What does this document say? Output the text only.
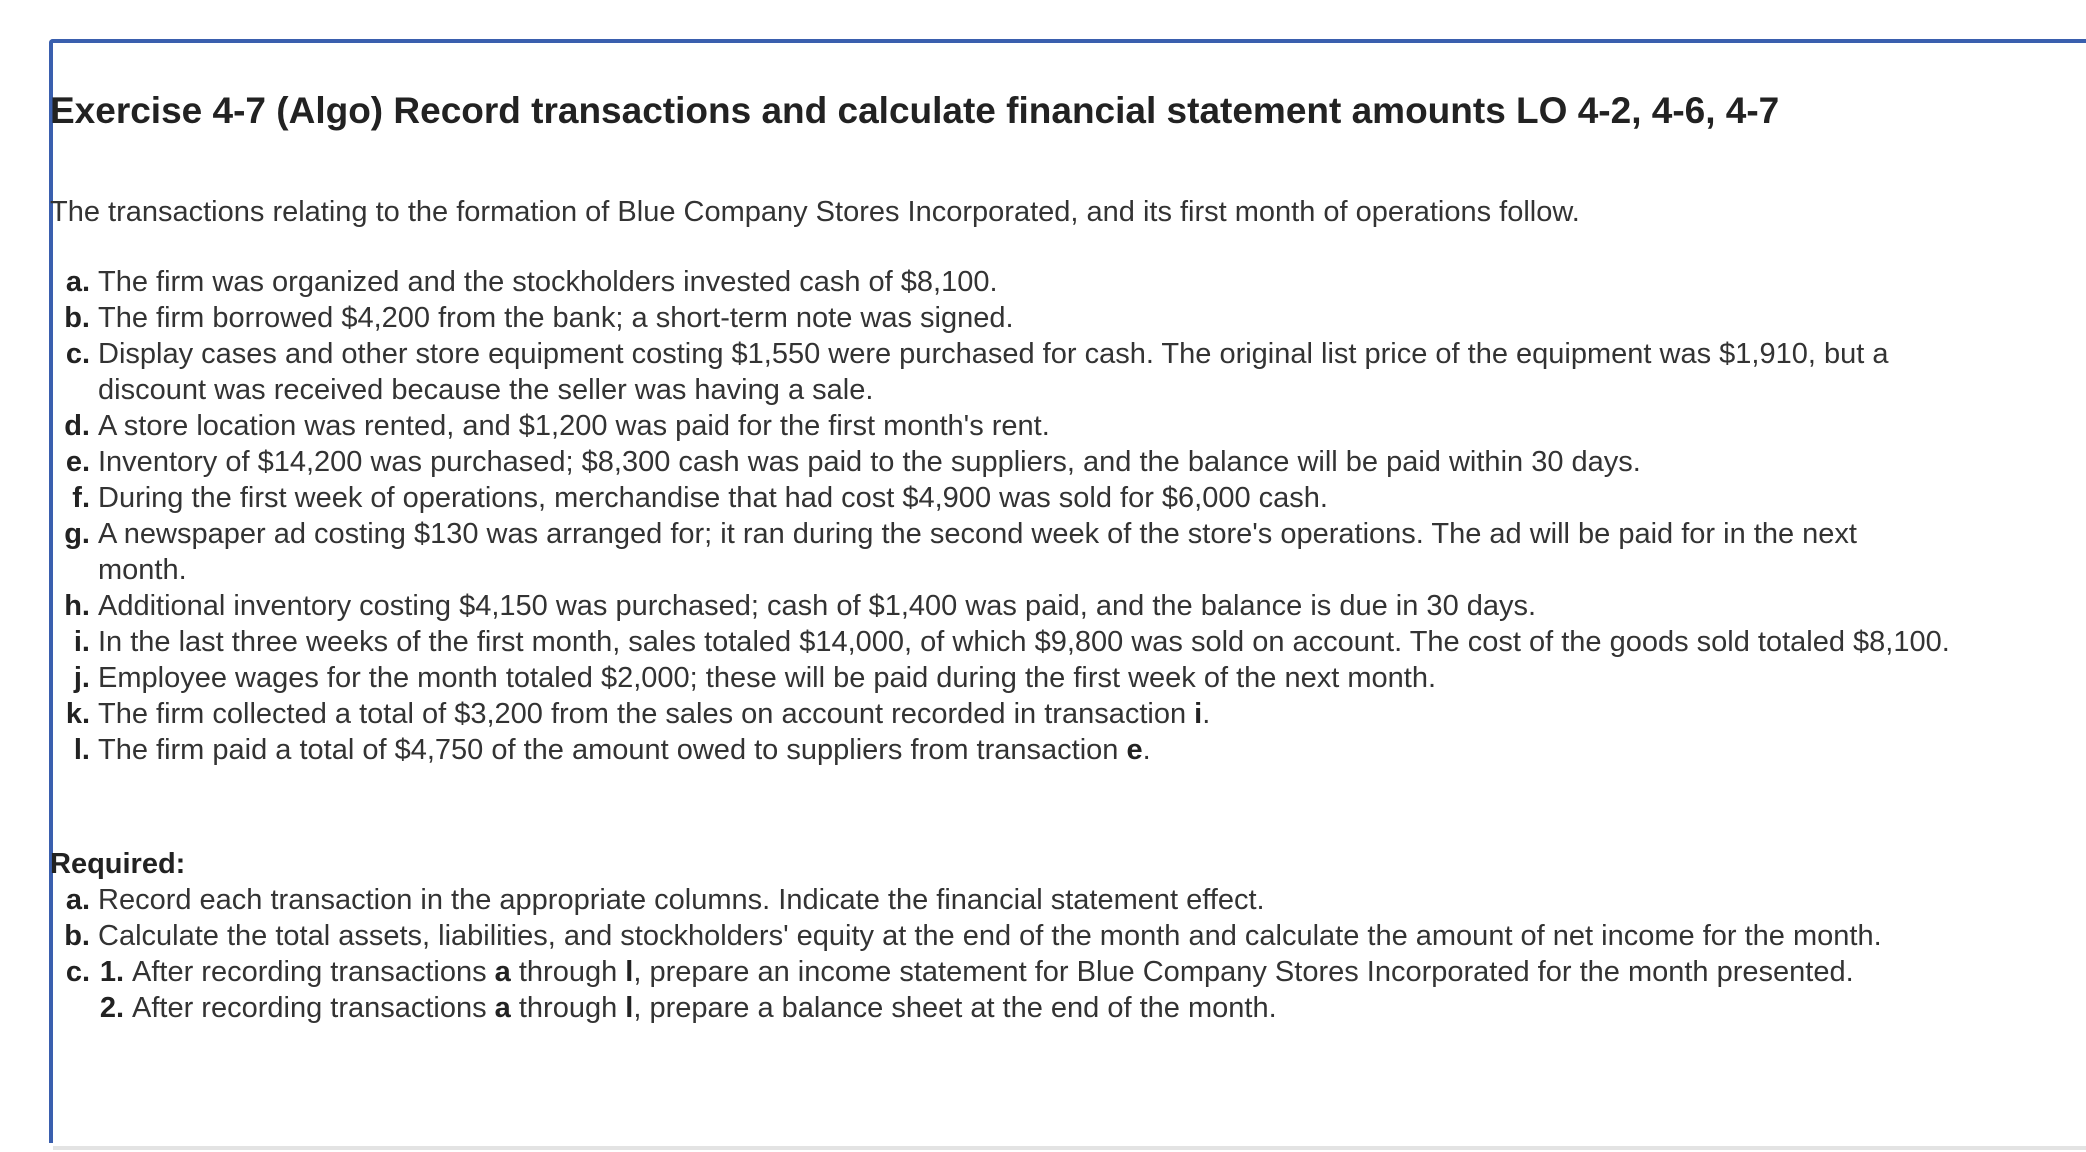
Exercise 4-7 (Algo) Record transactions and calculate financial statement amounts LO 4-2, 4-6, 4-7
The transactions relating to the formation of Blue Company Stores Incorporated, and its first month of operations follow.
a. The firm was organized and the stockholders invested cash of $8,100.
b. The firm borrowed $4,200 from the bank; a short-term note was signed.
c. Display cases and other store equipment costing $1,550 were purchased for cash. The original list price of the equipment was $1,910, but a discount was received because the seller was having a sale.
d. A store location was rented, and $1,200 was paid for the first month's rent.
e. Inventory of $14,200 was purchased; $8,300 cash was paid to the suppliers, and the balance will be paid within 30 days.
f. During the first week of operations, merchandise that had cost $4,900 was sold for $6,000 cash.
g. A newspaper ad costing $130 was arranged for; it ran during the second week of the store's operations. The ad will be paid for in the next month.
h. Additional inventory costing $4,150 was purchased; cash of $1,400 was paid, and the balance is due in 30 days.
i. In the last three weeks of the first month, sales totaled $14,000, of which $9,800 was sold on account. The cost of the goods sold totaled $8,100.
j. Employee wages for the month totaled $2,000; these will be paid during the first week of the next month.
k. The firm collected a total of $3,200 from the sales on account recorded in transaction i.
l. The firm paid a total of $4,750 of the amount owed to suppliers from transaction e.
Required:
a. Record each transaction in the appropriate columns. Indicate the financial statement effect.
b. Calculate the total assets, liabilities, and stockholders' equity at the end of the month and calculate the amount of net income for the month.
c. 1. After recording transactions a through l, prepare an income statement for Blue Company Stores Incorporated for the month presented.
2. After recording transactions a through l, prepare a balance sheet at the end of the month.
